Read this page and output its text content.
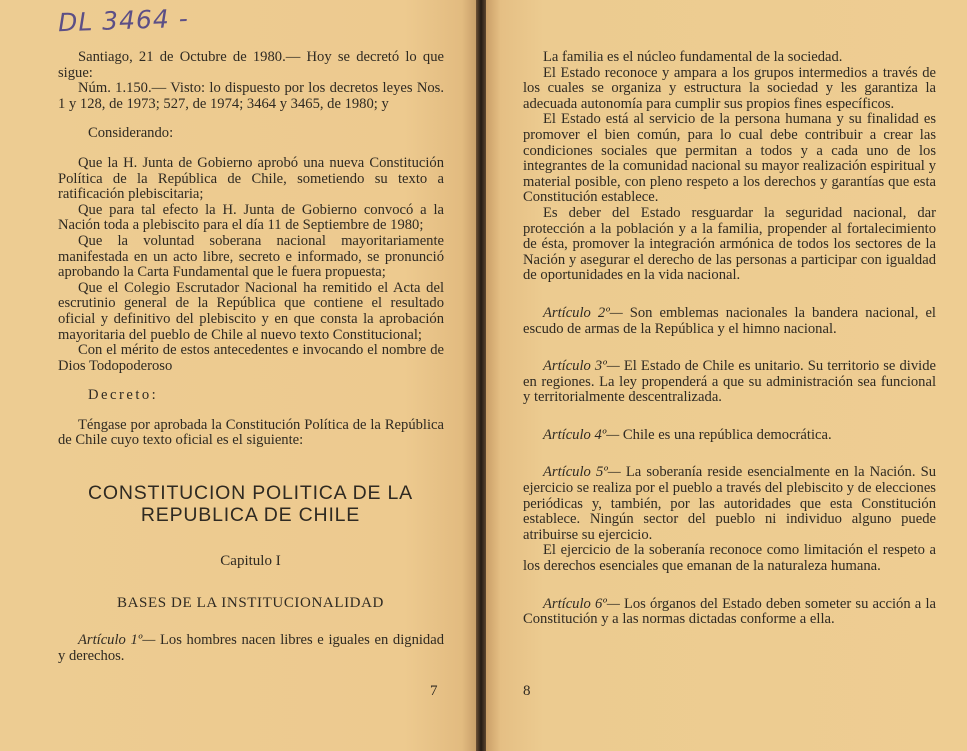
DL 3464 -

Santiago, 21 de Octubre de 1980.— Hoy se decretó lo que sigue:

Núm. 1.150.— Visto: lo dispuesto por los decretos leyes Nos. 1 y 128, de 1973; 527, de 1974; 3464 y 3465, de 1980; y

Considerando:

Que la H. Junta de Gobierno aprobó una nueva Constitución Política de la República de Chile, sometiendo su texto a ratificación plebiscitaria;

Que para tal efecto la H. Junta de Gobierno convocó a la Nación toda a plebiscito para el día 11 de Septiembre de 1980;

Que la voluntad soberana nacional mayoritariamente manifestada en un acto libre, secreto e informado, se pronunció aprobando la Carta Fundamental que le fuera propuesta;

Que el Colegio Escrutador Nacional ha remitido el Acta del escrutinio general de la República que contiene el resultado oficial y definitivo del plebiscito y en que consta la aprobación mayoritaria del pueblo de Chile al nuevo texto Constitucional;

Con el mérito de estos antecedentes e invocando el nombre de Dios Todopoderoso

Decreto:

Téngase por aprobada la Constitución Política de la República de Chile cuyo texto oficial es el siguiente:

CONSTITUCION POLITICA DE LA
REPUBLICA DE CHILE
Capitulo I
BASES DE LA INSTITUCIONALIDAD

Artículo 1º— Los hombres nacen libres e iguales en dignidad y derechos.

7

La familia es el núcleo fundamental de la sociedad.

El Estado reconoce y ampara a los grupos intermedios a través de los cuales se organiza y estructura la sociedad y les garantiza la adecuada autonomía para cumplir sus propios fines específicos.

El Estado está al servicio de la persona humana y su finalidad es promover el bien común, para lo cual debe contribuir a crear las condiciones sociales que permitan a todos y a cada uno de los integrantes de la comunidad nacional su mayor realización espiritual y material posible, con pleno respeto a los derechos y garantías que esta Constitución establece.

Es deber del Estado resguardar la seguridad nacional, dar protección a la población y a la familia, propender al fortalecimiento de ésta, promover la integración armónica de todos los sectores de la Nación y asegurar el derecho de las personas a participar con igualdad de oportunidades en la vida nacional.

Artículo 2º— Son emblemas nacionales la bandera nacional, el escudo de armas de la República y el himno nacional.

Artículo 3º— El Estado de Chile es unitario. Su territorio se divide en regiones. La ley propenderá a que su administración sea funcional y territorialmente descentralizada.

Artículo 4º— Chile es una república democrática.

Artículo 5º— La soberanía reside esencialmente en la Nación. Su ejercicio se realiza por el pueblo a través del plebiscito y de elecciones periódicas y, también, por las autoridades que esta Constitución establece. Ningún sector del pueblo ni individuo alguno puede atribuirse su ejercicio.

El ejercicio de la soberanía reconoce como limitación el respeto a los derechos esenciales que emanan de la naturaleza humana.

Artículo 6º— Los órganos del Estado deben someter su acción a la Constitución y a las normas dictadas conforme a ella.

8
